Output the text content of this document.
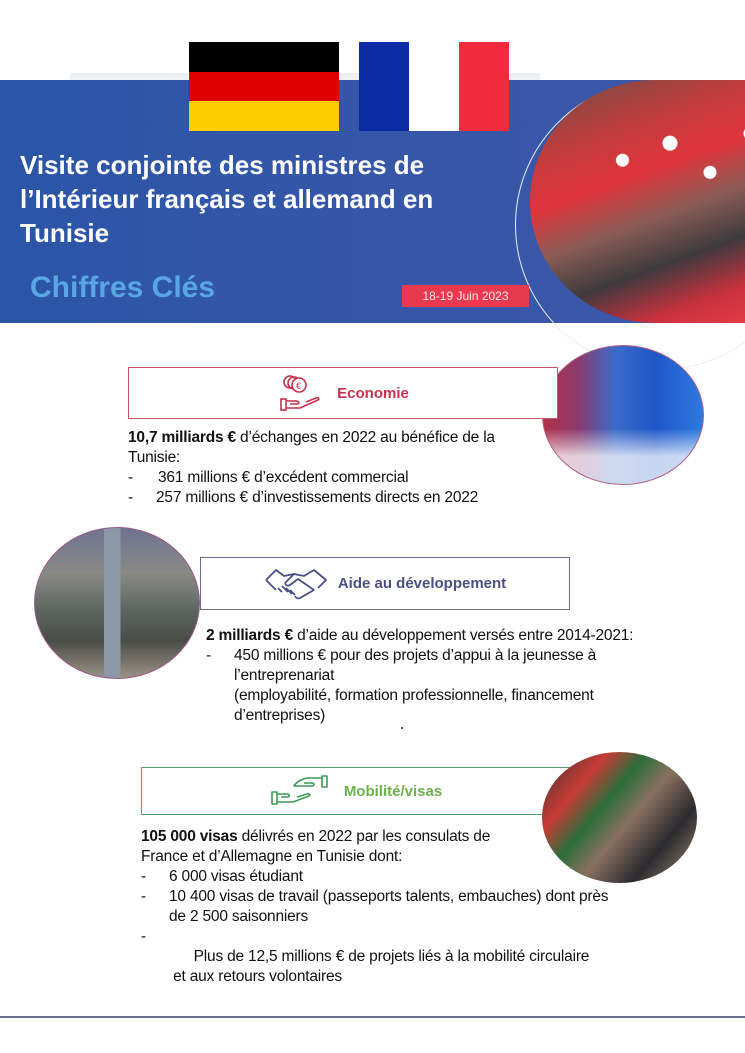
Visite conjointe des ministres de
l’Intérieur français et allemand en
Tunisie
Chiffres Clés	18-19 Juin 2023
€ Economie
10,7 milliards € d’échanges en 2022 au bénéfice de la Tunisie:
-	361 millions € d’excédent commercial
-	257 millions € d’investissements directs en 2022
Aide au développement
2 milliards € d’aide au développement versés entre 2014-2021:
-	450 millions € pour des projets d’appui à la jeunesse à l’entreprenariat
(employabilité, formation professionnelle, financement d’entreprises)
Mobilité/visas
105 000 visas délivrés en 2022 par les consulats de
France et d’Allemagne en Tunisie dont:
-	6 000 visas étudiant
-	10 400 visas de travail (passeports talents, embauches) dont près
de 2 500 saisonniers
-

Plus de 12,5 millions € de projets liés à la mobilité circulaire
et aux retours volontaires
